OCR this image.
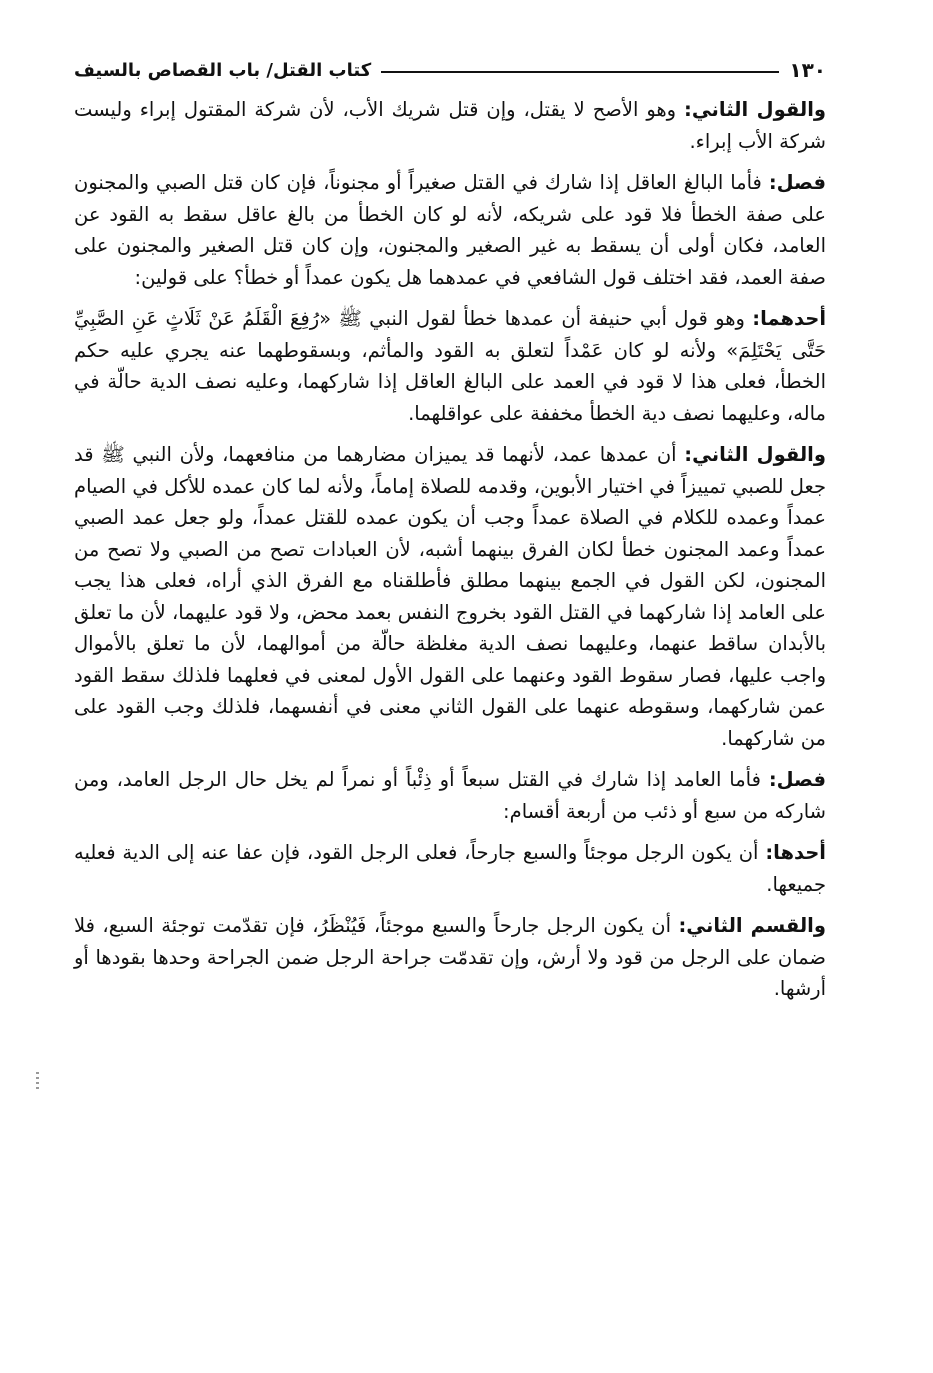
١٣٠
كتاب القتل/ باب القصاص بالسيف

والقول الثاني: وهو الأصح لا يقتل، وإن قتل شريك الأب، لأن شركة المقتول إبراء وليست شركة الأب إبراء.

فصل: فأما البالغ العاقل إذا شارك في القتل صغيراً أو مجنوناً، فإن كان قتل الصبي والمجنون على صفة الخطأ فلا قود على شريكه، لأنه لو كان الخطأ من بالغ عاقل سقط به القود عن العامد، فكان أولى أن يسقط به غير الصغير والمجنون، وإن كان قتل الصغير والمجنون على صفة العمد، فقد اختلف قول الشافعي في عمدهما هل يكون عمداً أو خطأ؟ على قولين:

أحدهما: وهو قول أبي حنيفة أن عمدها خطأ لقول النبي ﷺ «رُفِعَ الْقَلَمُ عَنْ ثَلَاثٍ عَنِ الصَّبِيِّ حَتَّى يَحْتَلِمَ» ولأنه لو كان عَمْداً لتعلق به القود والمأثم، وبسقوطهما عنه يجري عليه حكم الخطأ، فعلى هذا لا قود في العمد على البالغ العاقل إذا شاركهما، وعليه نصف الدية حالّة في ماله، وعليهما نصف دية الخطأ مخففة على عواقلهما.

والقول الثاني: أن عمدها عمد، لأنهما قد يميزان مضارهما من منافعهما، ولأن النبي ﷺ قد جعل للصبي تمييزاً في اختيار الأبوين، وقدمه للصلاة إماماً، ولأنه لما كان عمده للأكل في الصيام عمداً وعمده للكلام في الصلاة عمداً وجب أن يكون عمده للقتل عمداً، ولو جعل عمد الصبي عمداً وعمد المجنون خطأ لكان الفرق بينهما أشبه، لأن العبادات تصح من الصبي ولا تصح من المجنون، لكن القول في الجمع بينهما مطلق فأطلقناه مع الفرق الذي أراه، فعلى هذا يجب على العامد إذا شاركهما في القتل القود بخروج النفس بعمد محض، ولا قود عليهما، لأن ما تعلق بالأبدان ساقط عنهما، وعليهما نصف الدية مغلظة حالّة من أموالهما، لأن ما تعلق بالأموال واجب عليها، فصار سقوط القود وعنهما على القول الأول لمعنى في فعلهما فلذلك سقط القود عمن شاركهما، وسقوطه عنهما على القول الثاني معنى في أنفسهما، فلذلك وجب القود على من شاركهما.

فصل: فأما العامد إذا شارك في القتل سبعاً أو ذِئْباً أو نمراً لم يخل حال الرجل العامد، ومن شاركه من سبع أو ذئب من أربعة أقسام:

أحدها: أن يكون الرجل موجئاً والسبع جارحاً، فعلى الرجل القود، فإن عفا عنه إلى الدية فعليه جميعها.

والقسم الثاني: أن يكون الرجل جارحاً والسبع موجئاً، فَيُنْظَرُ، فإن تقدّمت توجئة السبع، فلا ضمان على الرجل من قود ولا أرش، وإن تقدمّت جراحة الرجل ضمن الجراحة وحدها بقودها أو أرشها.
